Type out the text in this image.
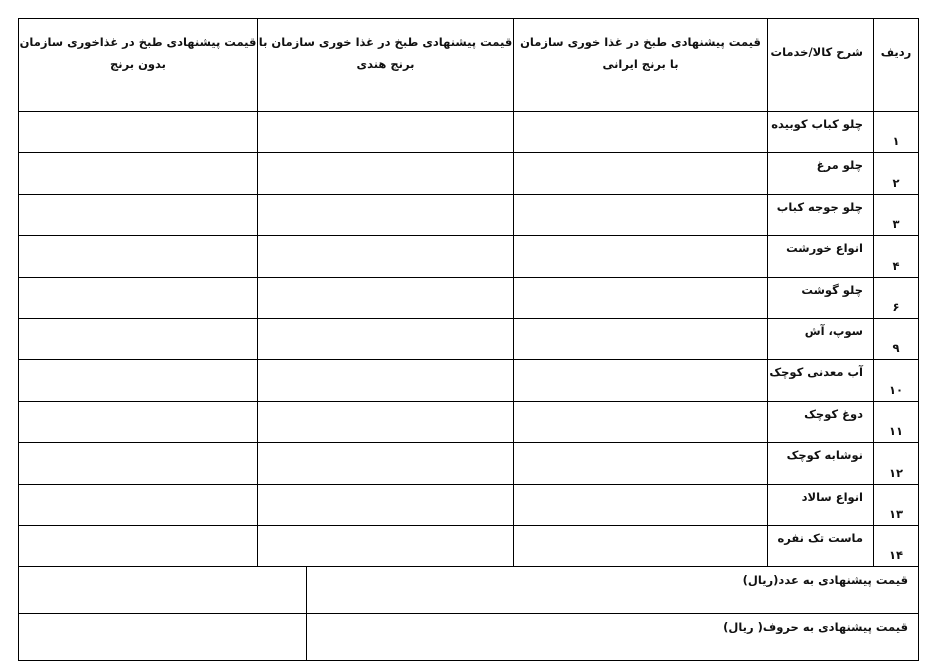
ردیف	شرح کالا/خدمات	قیمت پیشنهادی طبخ در غذا خوری سازمان با برنج ایرانی	قیمت پیشنهادی طبخ در غذا خوری سازمان با برنج هندی	قیمت پیشنهادی طبخ در غذاخوری سازمان بدون برنج
۱	چلو کباب کوبیده			
۲	چلو مرغ			
۳	چلو جوجه کباب			
۴	انواع خورشت			
۶	چلو گوشت			
۹	سوپ، آش			
۱۰	آب معدنی کوچک			
۱۱	دوغ کوچک			
۱۲	نوشابه کوچک			
۱۳	انواع سالاد			
۱۴	ماست تک نفره			
قیمت پیشنهادی به عدد(ریال)	
قیمت پیشنهادی به حروف( ریال)	
